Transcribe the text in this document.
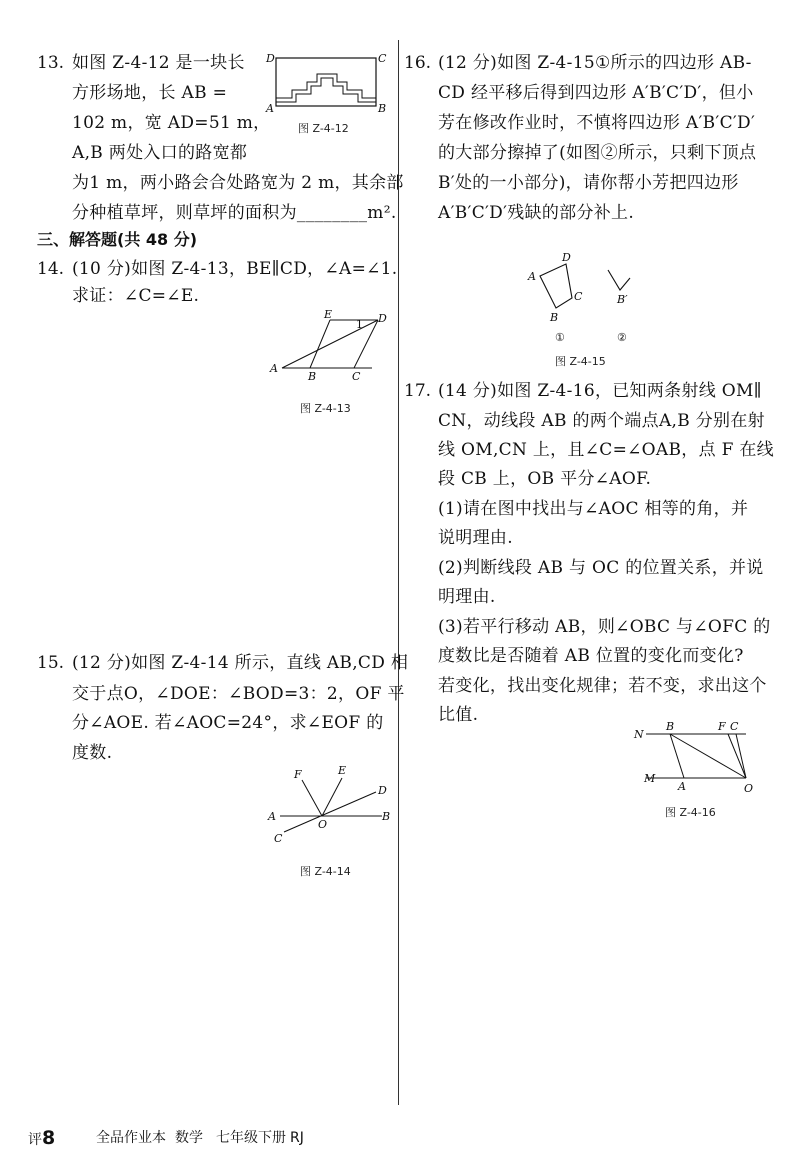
13. 如图 Z-4-12 是一块长
方形场地，长 AB =
102 m，宽 AD=51 m，
A,B 两处入口的路宽都
为1 m，两小路会合处路宽为 2 m，其余部
分种植草坪，则草坪的面积为________m².
D	C
A	B
图 Z-4-12
三、解答题(共 48 分)
14. (10 分)如图 Z-4-13，BE∥CD，∠A=∠1.
求证：∠C=∠E.
A
B	C
E	D
1
图 Z-4-13
15. (12 分)如图 Z-4-14 所示，直线 AB,CD 相
交于点O，∠DOE：∠BOD=3：2，OF 平
分∠AOE. 若∠AOC=24°，求∠EOF 的
度数.
A	B
C
D
E
F
O
图 Z-4-14
16. (12 分)如图 Z-4-15①所示的四边形 AB-
CD 经平移后得到四边形 A′B′C′D′，但小
芳在修改作业时，不慎将四边形 A′B′C′D′
的大部分擦掉了(如图②所示，只剩下顶点
B′处的一小部分)，请你帮小芳把四边形
A′B′C′D′残缺的部分补上.
A
D
C
B
B′
①	②
图 Z-4-15
17. (14 分)如图 Z-4-16，已知两条射线 OM∥
CN，动线段 AB 的两个端点A,B 分别在射
线 OM,CN 上，且∠C=∠OAB，点 F 在线
段 CB 上，OB 平分∠AOF.
(1)请在图中找出与∠AOC 相等的角，并
说明理由.
(2)判断线段 AB 与 OC 的位置关系，并说
明理由.
(3)若平行移动 AB，则∠OBC 与∠OFC 的
度数比是否随着 AB 位置的变化而变化?
若变化，找出变化规律；若不变，求出这个
比值.
N
B	F C
M
A	O
图 Z-4-16
评8	全品作业本 数学 七年级下册 RJ
